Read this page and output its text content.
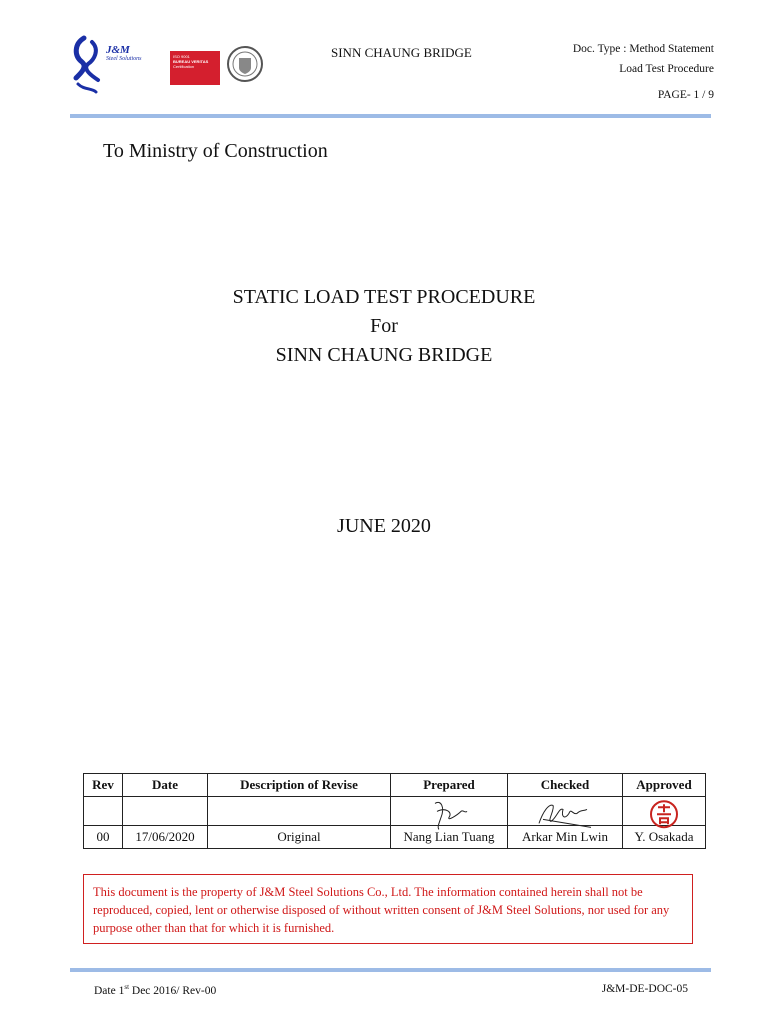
J&M
Steel Solutions	ISO 9001
BUREAU VERITAS
Certification
SINN CHAUNG BRIDGE	Doc. Type : Method Statement
Load Test Procedure
PAGE- 1 / 9
To Ministry of Construction
STATIC LOAD TEST PROCEDURE
For
SINN CHAUNG BRIDGE
JUNE 2020
Rev	Date	Description of Revise	Prepared	Checked	Approved

00	17/06/2020	Original	Nang Lian Tuang	Arkar Min Lwin	Y. Osakada
This document is the property of J&M Steel Solutions Co., Ltd. The information contained herein shall not be reproduced, copied, lent or otherwise disposed of without written consent of J&M Steel Solutions, nor used for any purpose other than that for which it is furnished.
Date 1st Dec 2016/ Rev-00	J&M-DE-DOC-05
